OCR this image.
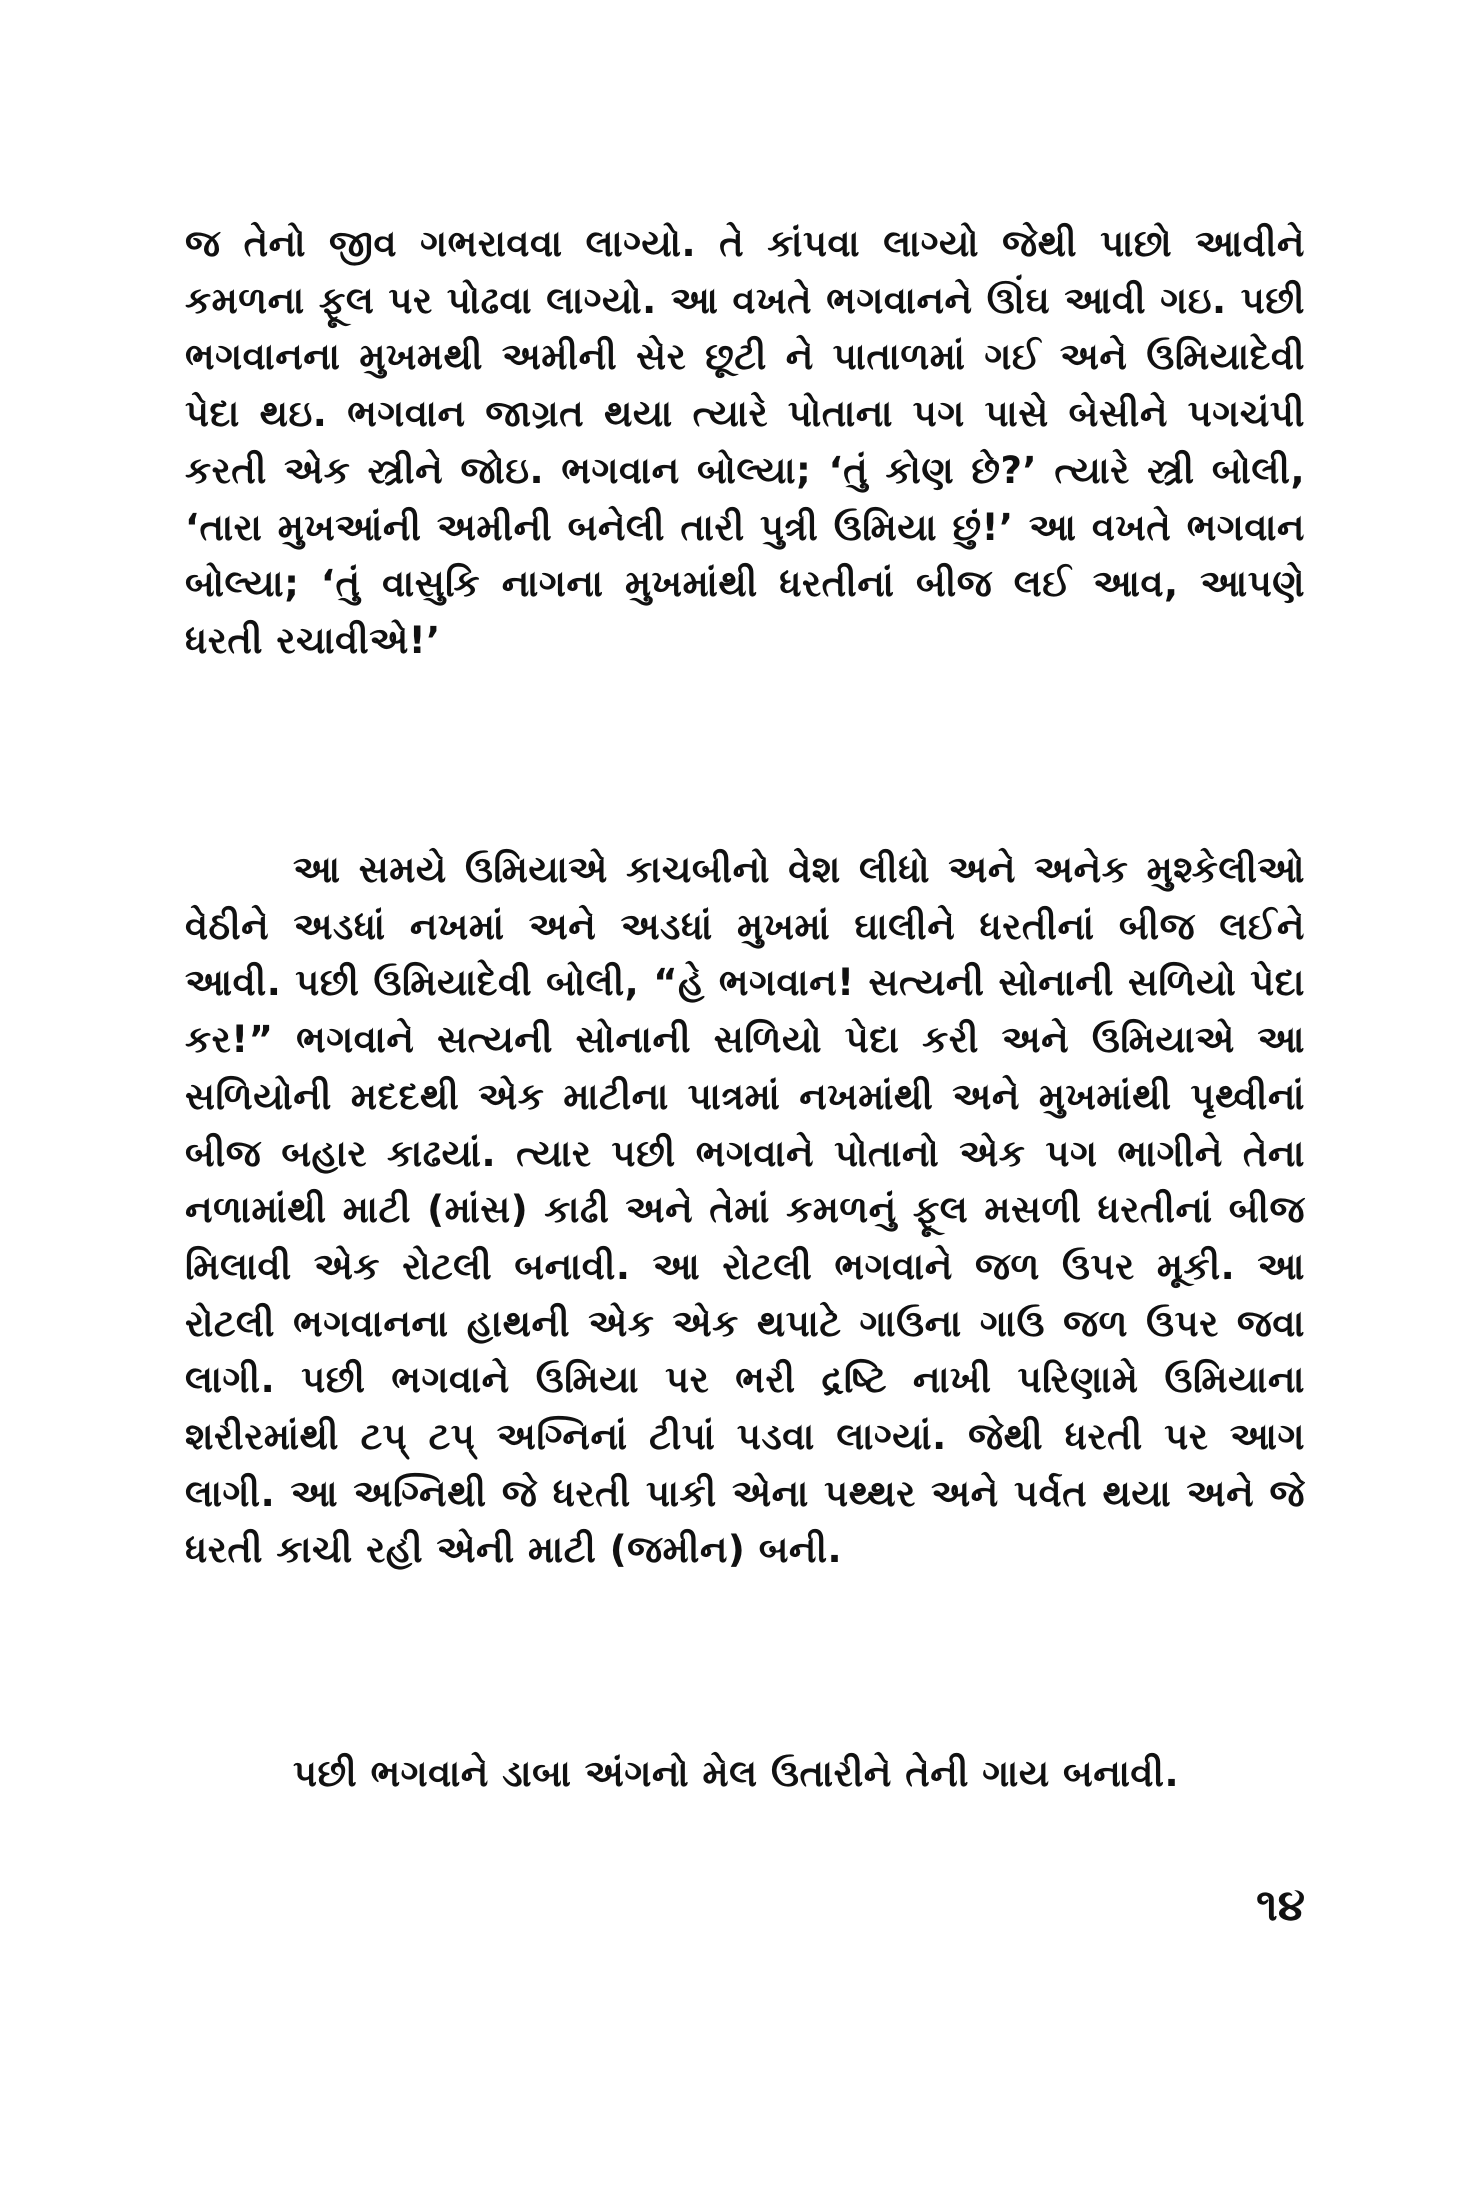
જ તેનો જીવ ગભરાવવા લાગ્યો. તે કાંપવા લાગ્યો જેથી પાછો આવીને કમળના ફૂલ પર પોઢવા લાગ્યો. આ વખતે ભગવાનને ઊંઘ આવી ગઇ. પછી ભગવાનના મુખમથી અમીની સેર છૂટી ને પાતાળમાં ગઈ અને ઉમિયાદેવી પેદા થઇ. ભગવાન જાગ્રત થયા ત્યારે પોતાના પગ પાસે બેસીને પગચંપી કરતી એક સ્ત્રીને જોઇ. ભગવાન બોલ્યા; ‘તું કોણ છે?’ ત્યારે સ્ત્રી બોલી, ‘તારા મુખઆંની અમીની બનેલી તારી પુત્રી ઉમિયા છું!’ આ વખતે ભગવાન બોલ્યા; ‘તું વાસુકિ નાગના મુખમાંથી ધરતીનાં બીજ લઈ આવ, આપણે ધરતી રચાવીએ!’

આ સમયે ઉમિયાએ કાચબીનો વેશ લીધો અને અનેક મુશ્કેલીઓ વેઠીને અડધાં નખમાં અને અડધાં મુખમાં ઘાલીને ધરતીનાં બીજ લઈને આવી. પછી ઉમિયાદેવી બોલી, “હે ભગવાન! સત્યની સોનાની સળિયો પેદા કર!” ભગવાને સત્યની સોનાની સળિયો પેદા કરી અને ઉમિયાએ આ સળિયોની મદદથી એક માટીના પાત્રમાં નખમાંથી અને મુખમાંથી પૃથ્વીનાં બીજ બહાર કાઢયાં. ત્યાર પછી ભગવાને પોતાનો એક પગ ભાગીને તેના નળામાંથી માટી (માંસ) કાઢી અને તેમાં કમળનું ફૂલ મસળી ધરતીનાં બીજ મિલાવી એક રોટલી બનાવી. આ રોટલી ભગવાને જળ ઉપર મૂકી. આ રોટલી ભગવાનના હાથની એક એક થપાટે ગાઉના ગાઉ જળ ઉપર જવા લાગી. પછી ભગવાને ઉમિયા પર ભરી દ્રષ્ટિ નાખી પરિણામે ઉમિયાના શરીરમાંથી ટપ્ ટપ્ અગ્નિનાં ટીપાં પડવા લાગ્યાં. જેથી ધરતી પર આગ લાગી. આ અગ્નિથી જે ધરતી પાકી એના પથ્થર અને પર્વત થયા અને જે ધરતી કાચી રહી એની માટી (જમીન) બની.

પછી ભગવાને ડાબા અંગનો મેલ ઉતારીને તેની ગાય બનાવી.

૧૪
